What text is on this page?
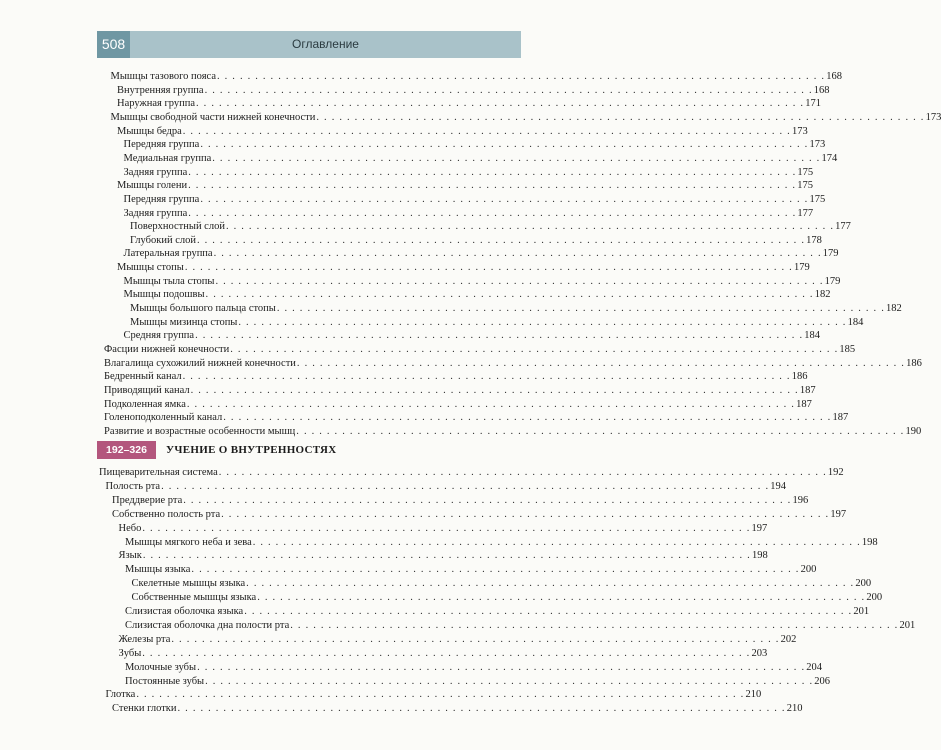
508	Оглавление
Мышцы тазового пояса . . . . . . . . . . . . . . . . . . . . . . . . . . . . . . . . . . . . . . . . . . . . . . . . . . . . . . . . . . . . . . . . . . . . . . . . . . . . . . . . 168
Внутренняя группа . . . . . . . . . . . . . . . . . . . . . . . . . . . . . . . . . . . . . . . . . . . . . . . . . . . . . . . . . . . . . . . . . . . . . . . . . . . . . . . . 168
Наружная группа . . . . . . . . . . . . . . . . . . . . . . . . . . . . . . . . . . . . . . . . . . . . . . . . . . . . . . . . . . . . . . . . . . . . . . . . . . . . . . . . 171
Мышцы свободной части нижней конечности . . . . . . . . . . . . . . . . . . . . . . . . . . . . . . . . . . . . . . . . . . . . . . . . . . . . . . . . . . . . . . . . . . . . . . . . . . . . . . . . 173
Мышцы бедра . . . . . . . . . . . . . . . . . . . . . . . . . . . . . . . . . . . . . . . . . . . . . . . . . . . . . . . . . . . . . . . . . . . . . . . . . . . . . . . . 173
Передняя группа . . . . . . . . . . . . . . . . . . . . . . . . . . . . . . . . . . . . . . . . . . . . . . . . . . . . . . . . . . . . . . . . . . . . . . . . . . . . . . . . 173
Медиальная группа . . . . . . . . . . . . . . . . . . . . . . . . . . . . . . . . . . . . . . . . . . . . . . . . . . . . . . . . . . . . . . . . . . . . . . . . . . . . . . . . 174
Задняя группа . . . . . . . . . . . . . . . . . . . . . . . . . . . . . . . . . . . . . . . . . . . . . . . . . . . . . . . . . . . . . . . . . . . . . . . . . . . . . . . . 175
Мышцы голени . . . . . . . . . . . . . . . . . . . . . . . . . . . . . . . . . . . . . . . . . . . . . . . . . . . . . . . . . . . . . . . . . . . . . . . . . . . . . . . . 175
Передняя группа . . . . . . . . . . . . . . . . . . . . . . . . . . . . . . . . . . . . . . . . . . . . . . . . . . . . . . . . . . . . . . . . . . . . . . . . . . . . . . . . 175
Задняя группа . . . . . . . . . . . . . . . . . . . . . . . . . . . . . . . . . . . . . . . . . . . . . . . . . . . . . . . . . . . . . . . . . . . . . . . . . . . . . . . . 177
Поверхностный слой . . . . . . . . . . . . . . . . . . . . . . . . . . . . . . . . . . . . . . . . . . . . . . . . . . . . . . . . . . . . . . . . . . . . . . . . . . . . . . . . 177
Глубокий слой . . . . . . . . . . . . . . . . . . . . . . . . . . . . . . . . . . . . . . . . . . . . . . . . . . . . . . . . . . . . . . . . . . . . . . . . . . . . . . . . 178
Латеральная группа . . . . . . . . . . . . . . . . . . . . . . . . . . . . . . . . . . . . . . . . . . . . . . . . . . . . . . . . . . . . . . . . . . . . . . . . . . . . . . . . 179
Мышцы стопы . . . . . . . . . . . . . . . . . . . . . . . . . . . . . . . . . . . . . . . . . . . . . . . . . . . . . . . . . . . . . . . . . . . . . . . . . . . . . . . . 179
Мышцы тыла стопы . . . . . . . . . . . . . . . . . . . . . . . . . . . . . . . . . . . . . . . . . . . . . . . . . . . . . . . . . . . . . . . . . . . . . . . . . . . . . . . . 179
Мышцы подошвы . . . . . . . . . . . . . . . . . . . . . . . . . . . . . . . . . . . . . . . . . . . . . . . . . . . . . . . . . . . . . . . . . . . . . . . . . . . . . . . . 182
Мышцы большого пальца стопы . . . . . . . . . . . . . . . . . . . . . . . . . . . . . . . . . . . . . . . . . . . . . . . . . . . . . . . . . . . . . . . . . . . . . . . . . . . . . . . . 182
Мышцы мизинца стопы . . . . . . . . . . . . . . . . . . . . . . . . . . . . . . . . . . . . . . . . . . . . . . . . . . . . . . . . . . . . . . . . . . . . . . . . . . . . . . . . 184
Средняя группа . . . . . . . . . . . . . . . . . . . . . . . . . . . . . . . . . . . . . . . . . . . . . . . . . . . . . . . . . . . . . . . . . . . . . . . . . . . . . . . . 184
Фасции нижней конечности . . . . . . . . . . . . . . . . . . . . . . . . . . . . . . . . . . . . . . . . . . . . . . . . . . . . . . . . . . . . . . . . . . . . . . . . . . . . . . . . 185
Влагалища сухожилий нижней конечности . . . . . . . . . . . . . . . . . . . . . . . . . . . . . . . . . . . . . . . . . . . . . . . . . . . . . . . . . . . . . . . . . . . . . . . . . . . . . . . . 186
Бедренный канал . . . . . . . . . . . . . . . . . . . . . . . . . . . . . . . . . . . . . . . . . . . . . . . . . . . . . . . . . . . . . . . . . . . . . . . . . . . . . . . . 186
Приводящий канал . . . . . . . . . . . . . . . . . . . . . . . . . . . . . . . . . . . . . . . . . . . . . . . . . . . . . . . . . . . . . . . . . . . . . . . . . . . . . . . . 187
Подколенная ямка . . . . . . . . . . . . . . . . . . . . . . . . . . . . . . . . . . . . . . . . . . . . . . . . . . . . . . . . . . . . . . . . . . . . . . . . . . . . . . . . 187
Голеноподколенный канал . . . . . . . . . . . . . . . . . . . . . . . . . . . . . . . . . . . . . . . . . . . . . . . . . . . . . . . . . . . . . . . . . . . . . . . . . . . . . . . . 187
Развитие и возрастные особенности мышц . . . . . . . . . . . . . . . . . . . . . . . . . . . . . . . . . . . . . . . . . . . . . . . . . . . . . . . . . . . . . . . . . . . . . . . . . . . . . . . . 190
192–326	УЧЕНИЕ О ВНУТРЕННОСТЯХ
Пищеварительная система . . . . . . . . . . . . . . . . . . . . . . . . . . . . . . . . . . . . . . . . . . . . . . . . . . . . . . . . . . . . . . . . . . . . . . . . . . . . . . . . 192
Полость рта . . . . . . . . . . . . . . . . . . . . . . . . . . . . . . . . . . . . . . . . . . . . . . . . . . . . . . . . . . . . . . . . . . . . . . . . . . . . . . . . 194
Преддверие рта . . . . . . . . . . . . . . . . . . . . . . . . . . . . . . . . . . . . . . . . . . . . . . . . . . . . . . . . . . . . . . . . . . . . . . . . . . . . . . . . 196
Собственно полость рта . . . . . . . . . . . . . . . . . . . . . . . . . . . . . . . . . . . . . . . . . . . . . . . . . . . . . . . . . . . . . . . . . . . . . . . . . . . . . . . . 197
Небо . . . . . . . . . . . . . . . . . . . . . . . . . . . . . . . . . . . . . . . . . . . . . . . . . . . . . . . . . . . . . . . . . . . . . . . . . . . . . . . . 197
Мышцы мягкого неба и зева . . . . . . . . . . . . . . . . . . . . . . . . . . . . . . . . . . . . . . . . . . . . . . . . . . . . . . . . . . . . . . . . . . . . . . . . . . . . . . . . 198
Язык . . . . . . . . . . . . . . . . . . . . . . . . . . . . . . . . . . . . . . . . . . . . . . . . . . . . . . . . . . . . . . . . . . . . . . . . . . . . . . . . 198
Мышцы языка . . . . . . . . . . . . . . . . . . . . . . . . . . . . . . . . . . . . . . . . . . . . . . . . . . . . . . . . . . . . . . . . . . . . . . . . . . . . . . . . 200
Скелетные мышцы языка . . . . . . . . . . . . . . . . . . . . . . . . . . . . . . . . . . . . . . . . . . . . . . . . . . . . . . . . . . . . . . . . . . . . . . . . . . . . . . . . 200
Собственные мышцы языка . . . . . . . . . . . . . . . . . . . . . . . . . . . . . . . . . . . . . . . . . . . . . . . . . . . . . . . . . . . . . . . . . . . . . . . . . . . . . . . . 200
Слизистая оболочка языка . . . . . . . . . . . . . . . . . . . . . . . . . . . . . . . . . . . . . . . . . . . . . . . . . . . . . . . . . . . . . . . . . . . . . . . . . . . . . . . . 201
Слизистая оболочка дна полости рта . . . . . . . . . . . . . . . . . . . . . . . . . . . . . . . . . . . . . . . . . . . . . . . . . . . . . . . . . . . . . . . . . . . . . . . . . . . . . . . . 201
Железы рта . . . . . . . . . . . . . . . . . . . . . . . . . . . . . . . . . . . . . . . . . . . . . . . . . . . . . . . . . . . . . . . . . . . . . . . . . . . . . . . . 202
Зубы . . . . . . . . . . . . . . . . . . . . . . . . . . . . . . . . . . . . . . . . . . . . . . . . . . . . . . . . . . . . . . . . . . . . . . . . . . . . . . . . 203
Молочные зубы . . . . . . . . . . . . . . . . . . . . . . . . . . . . . . . . . . . . . . . . . . . . . . . . . . . . . . . . . . . . . . . . . . . . . . . . . . . . . . . . 204
Постоянные зубы . . . . . . . . . . . . . . . . . . . . . . . . . . . . . . . . . . . . . . . . . . . . . . . . . . . . . . . . . . . . . . . . . . . . . . . . . . . . . . . . 206
Глотка . . . . . . . . . . . . . . . . . . . . . . . . . . . . . . . . . . . . . . . . . . . . . . . . . . . . . . . . . . . . . . . . . . . . . . . . . . . . . . . . 210
Стенки глотки . . . . . . . . . . . . . . . . . . . . . . . . . . . . . . . . . . . . . . . . . . . . . . . . . . . . . . . . . . . . . . . . . . . . . . . . . . . . . . . . 210
